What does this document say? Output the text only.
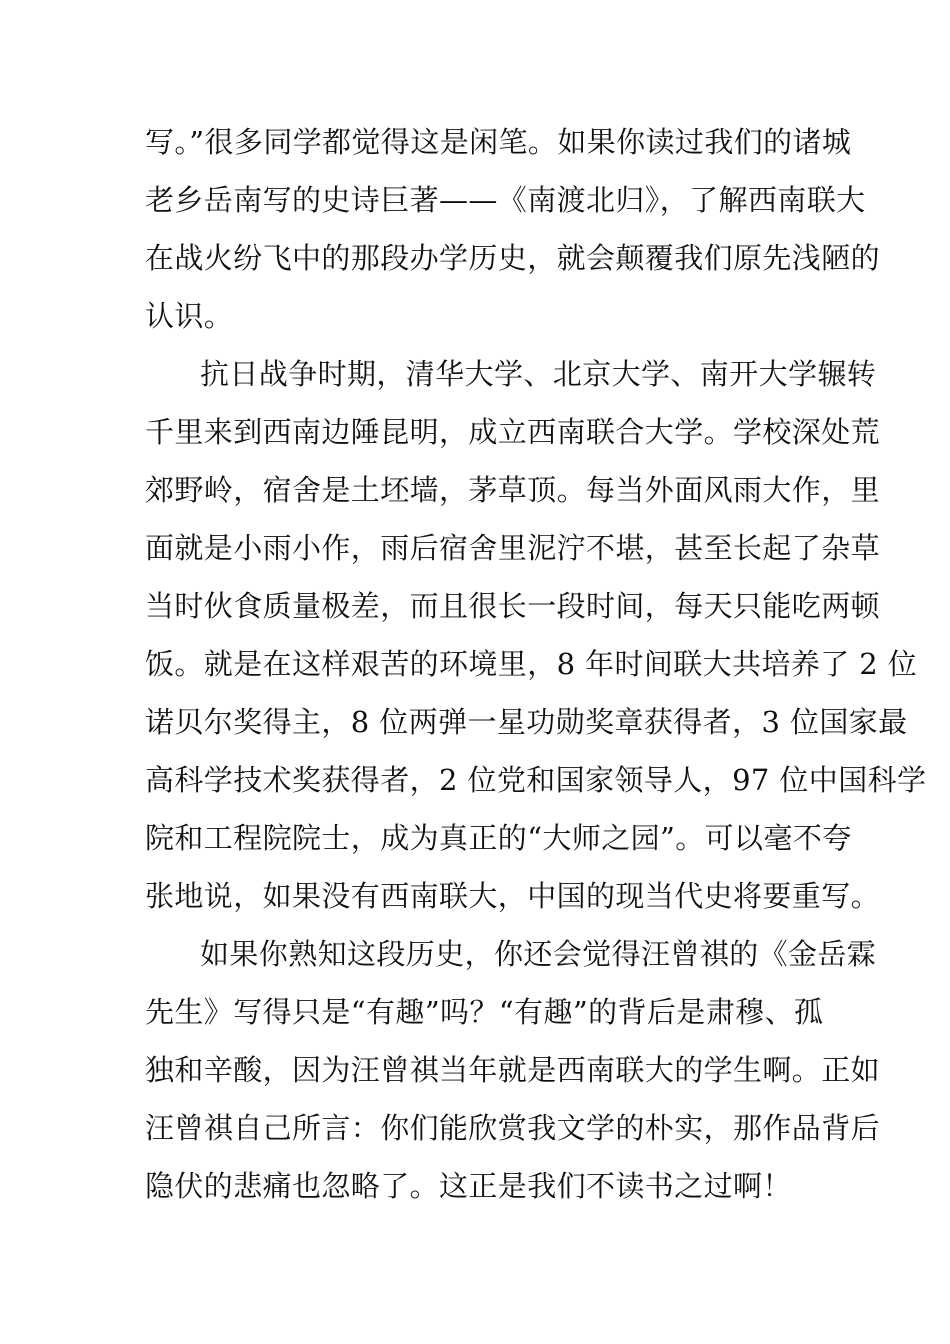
写。”很多同学都觉得这是闲笔。如果你读过我们的诸城
老乡岳南写的史诗巨著——《南渡北归》，了解西南联大
在战火纷飞中的那段办学历史，就会颠覆我们原先浅陋的
认识。
抗日战争时期，清华大学、北京大学、南开大学辗转
千里来到西南边陲昆明，成立西南联合大学。学校深处荒
郊野岭，宿舍是土坯墙，茅草顶。每当外面风雨大作，里
面就是小雨小作，雨后宿舍里泥泞不堪，甚至长起了杂草
当时伙食质量极差，而且很长一段时间，每天只能吃两顿
饭。就是在这样艰苦的环境里，8 年时间联大共培养了 2 位
诺贝尔奖得主，8 位两弹一星功勋奖章获得者，3 位国家最
高科学技术奖获得者，2 位党和国家领导人，97 位中国科学
院和工程院院士，成为真正的“大师之园”。可以毫不夸
张地说，如果没有西南联大，中国的现当代史将要重写。
如果你熟知这段历史，你还会觉得汪曾祺的《金岳霖
先生》写得只是“有趣”吗？“有趣”的背后是肃穆、孤
独和辛酸，因为汪曾祺当年就是西南联大的学生啊。正如
汪曾祺自己所言：你们能欣赏我文学的朴实，那作品背后
隐伏的悲痛也忽略了。这正是我们不读书之过啊！
